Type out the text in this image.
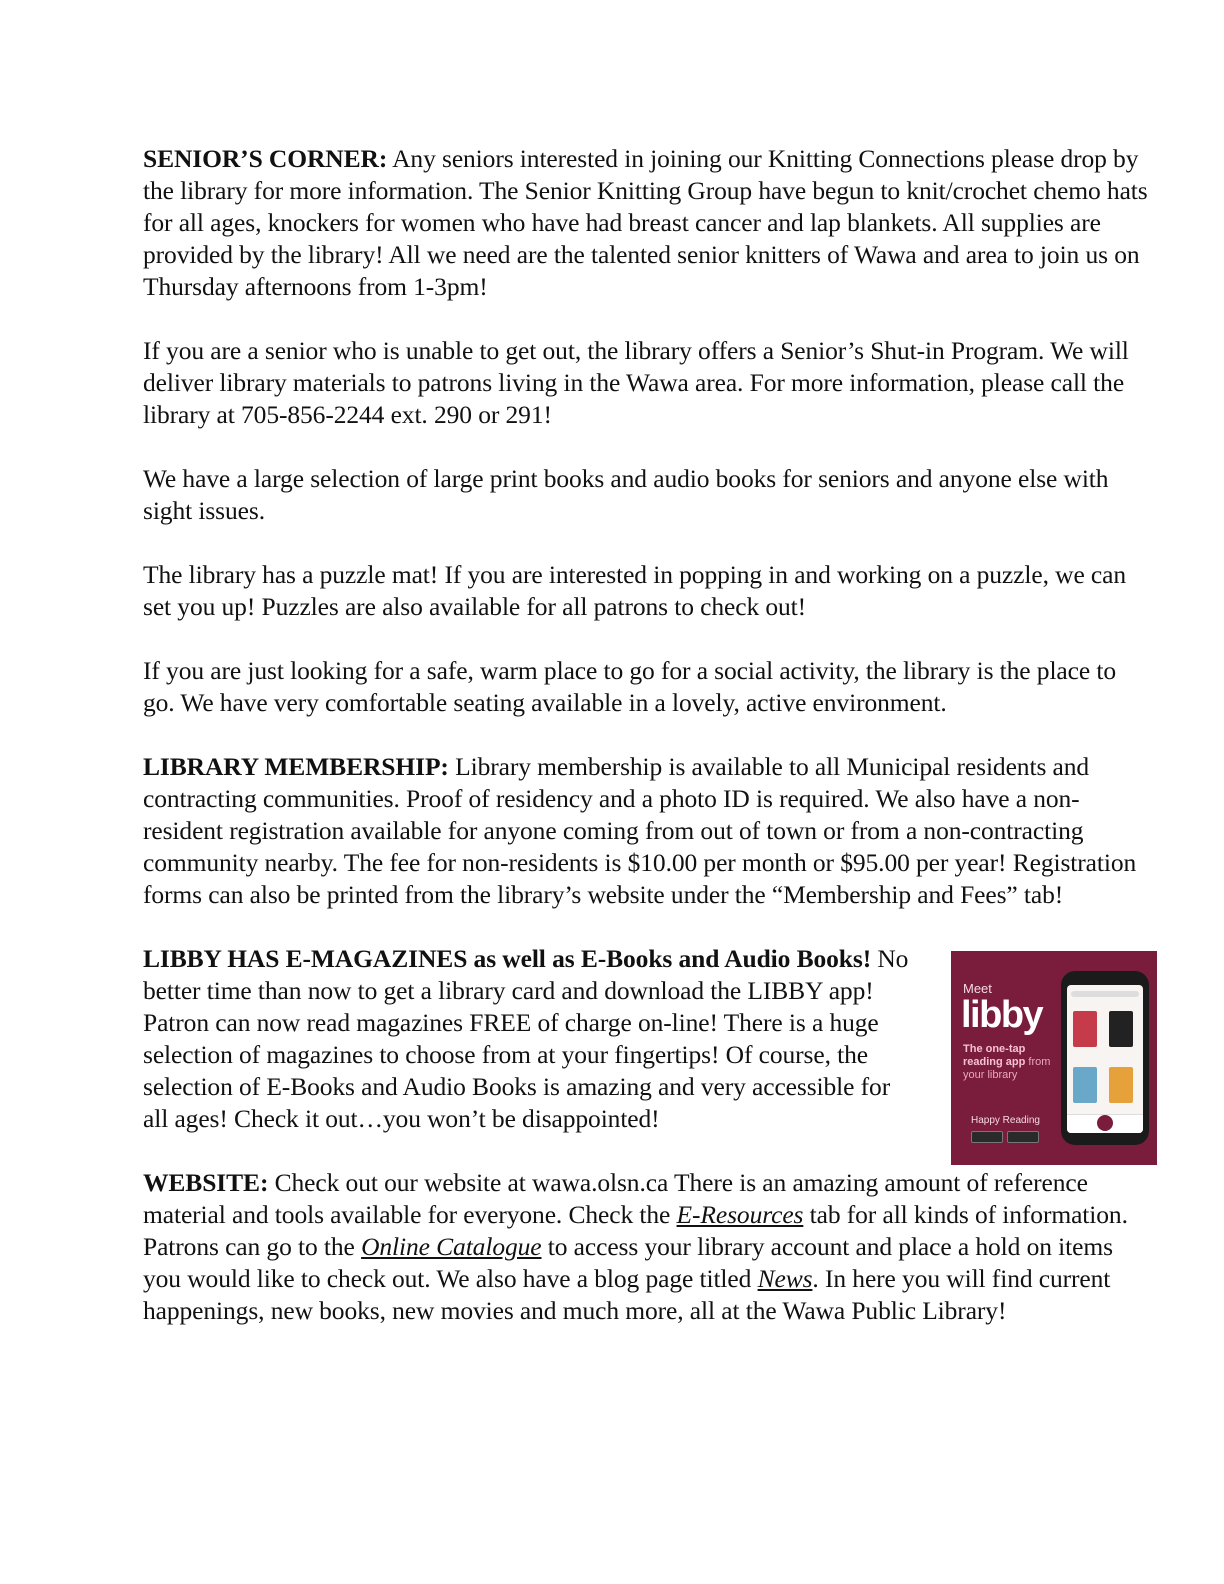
SENIOR’S CORNER: Any seniors interested in joining our Knitting Connections please drop by the library for more information. The Senior Knitting Group have begun to knit/crochet chemo hats for all ages, knockers for women who have had breast cancer and lap blankets. All supplies are provided by the library! All we need are the talented senior knitters of Wawa and area to join us on Thursday afternoons from 1-3pm!

If you are a senior who is unable to get out, the library offers a Senior’s Shut-in Program. We will deliver library materials to patrons living in the Wawa area. For more information, please call the library at 705-856-2244 ext. 290 or 291!

We have a large selection of large print books and audio books for seniors and anyone else with sight issues.

The library has a puzzle mat! If you are interested in popping in and working on a puzzle, we can set you up! Puzzles are also available for all patrons to check out!

If you are just looking for a safe, warm place to go for a social activity, the library is the place to go. We have very comfortable seating available in a lovely, active environment.

LIBRARY MEMBERSHIP: Library membership is available to all Municipal residents and contracting communities. Proof of residency and a photo ID is required. We also have a non-resident registration available for anyone coming from out of town or from a non-contracting community nearby. The fee for non-residents is $10.00 per month or $95.00 per year! Registration forms can also be printed from the library’s website under the “Membership and Fees” tab!

LIBBY HAS E-MAGAZINES as well as E-Books and Audio Books! No better time than now to get a library card and download the LIBBY app! Patron can now read magazines FREE of charge on-line! There is a huge selection of magazines to choose from at your fingertips! Of course, the selection of E-Books and Audio Books is amazing and very accessible for all ages! Check it out…you won’t be disappointed!

WEBSITE: Check out our website at wawa.olsn.ca There is an amazing amount of reference material and tools available for everyone. Check the E-Resources tab for all kinds of information. Patrons can go to the Online Catalogue to access your library account and place a hold on items you would like to check out. We also have a blog page titled News. In here you will find current happenings, new books, new movies and much more, all at the Wawa Public Library!

Meet
libby
The one-tap reading app from your library
Happy Reading
